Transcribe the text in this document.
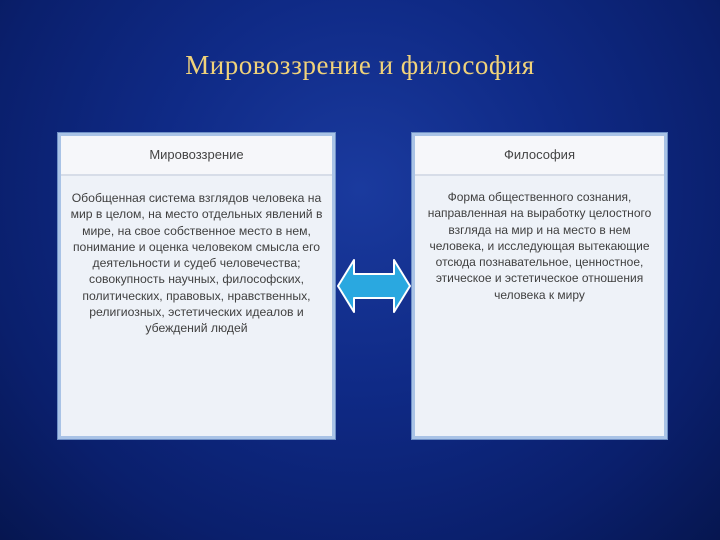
Мировоззрение и философия
Мировоззрение
Обобщенная система взглядов человека на мир в целом, на место отдельных явлений в мире, на свое собственное место в нем, понимание и оценка человеком смысла его деятельности и судеб человечества; совокупность научных, философских, политических, правовых, нравственных, религиозных, эстетических идеалов и убеждений людей
Философия
Форма общественного сознания, направленная на выработку целостного взгляда на мир и на место в нем человека, и исследующая вытекающие отсюда познавательное, ценностное, этическое и эстетическое отношения человека к миру
